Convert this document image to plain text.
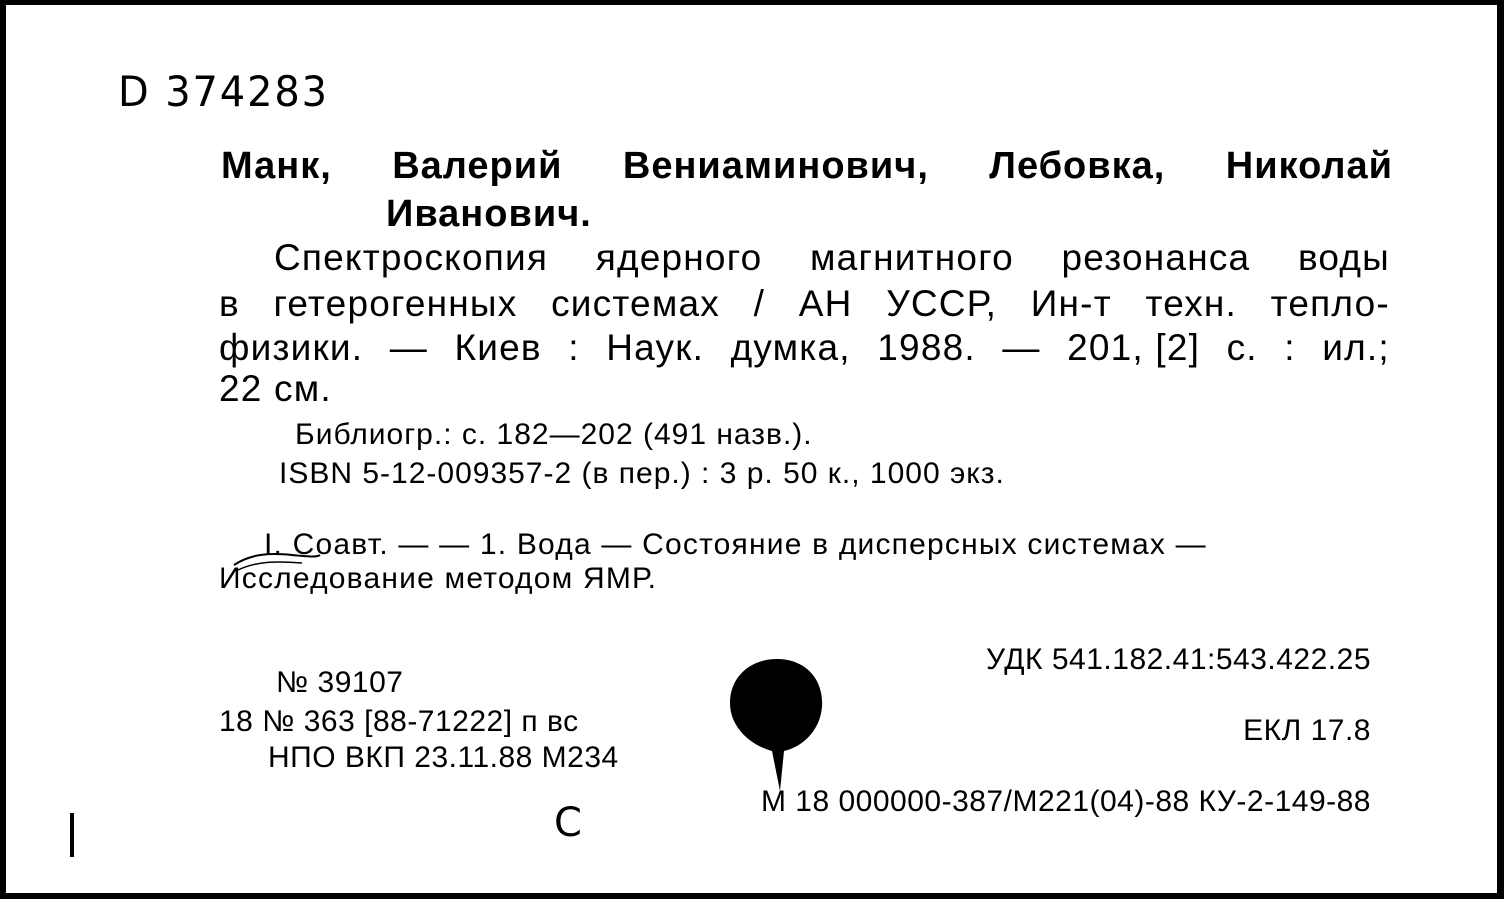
D 374283
Манк, Валерий Вениаминович, Лебовка, Николай
Иванович.
Спектроскопия ядерного магнитного резонанса воды
в гетерогенных системах / АН УССР, Ин-т техн. тепло-
физики. — Киев : Наук. думка, 1988. — 201, [2] с. : ил.;
22 см.
Библиогр.: с. 182—202 (491 назв.).
ISBN 5-12-009357-2 (в пер.) : 3 р. 50 к., 1000 экз.
I. Соавт. — — 1. Вода — Состояние в дисперсных системах —
Исследование методом ЯМР.
УДК 541.182.41:543.422.25
ЕКЛ 17.8
М 18 000000-387/М221(04)-88 КУ-2-149-88
№ 39107
18 № 363 [88-71222] п вс
НПО ВКП 23.11.88 М234
С
